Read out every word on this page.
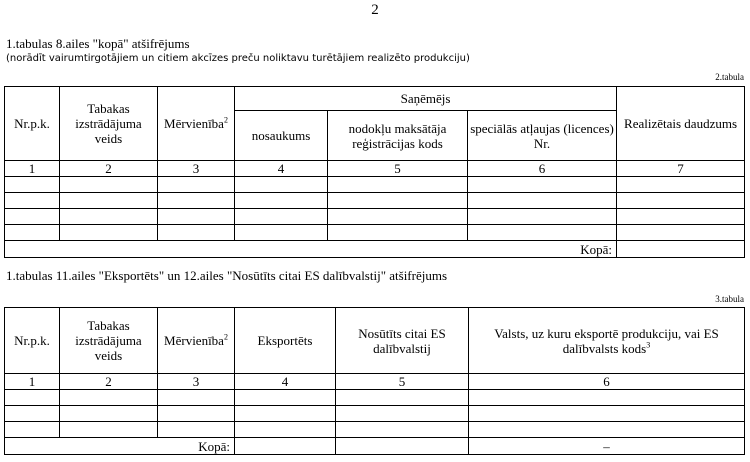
2
1.tabulas 8.ailes "kopā" atšifrējums
(norādīt vairumtirgotājiem un citiem akcīzes preču noliktavu turētājiem realizēto produkciju)
2.tabula
Nr.p.k.	Tabakas izstrādājuma veids	Mērvienība$^2$	Saņēmējs			Realizētais daudzums
			nosaukums	nodokļu maksātāja reģistrācijas kods	speciālās atļaujas (licences) Nr.	
1	2	3	4	5	6	7

Kopā:						
1.tabulas 11.ailes "Eksportēts" un 12.ailes "Nosūtīts citai ES dalībvalstij" atšifrējums
3.tabula
Nr.p.k.	Tabakas izstrādājuma veids	Mērvienība$^2$	Eksportēts	Nosūtīts citai ES dalībvalstij	Valsts, uz kuru eksportē produkciju, vai ES dalībvalsts kods$^3$
1	2	3	4	5	6

Kopā:					–
